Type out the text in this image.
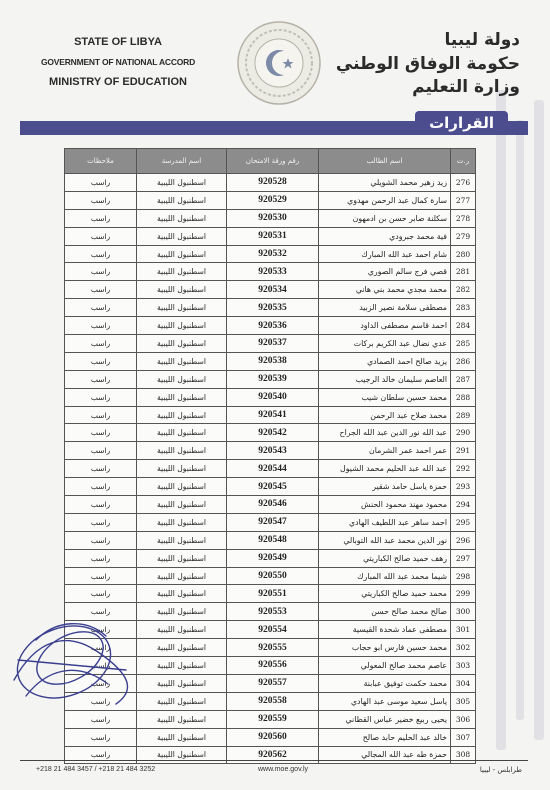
STATE OF LIBYA
GOVERNMENT OF NATIONAL ACCORD
MINISTRY OF EDUCATION
دولة ليبيا
حكومة الوفاق الوطني
وزارة التعليم
القرارات
ر.ت	اسم الطالب	رقم ورقة الامتحان	اسم المدرسة	ملاحظات
276	زيد زهير محمد الشويلي	920528	اسطنبول الليبية	راسب
277	سارة كمال عبد الرحمن مهدوي	920529	اسطنبول الليبية	راسب
278	سكلنة صابر حسن بن ادمهون	920530	اسطنبول الليبية	راسب
279	فية محمد جبرودي	920531	اسطنبول الليبية	راسب
280	شام احمد عبد الله المبارك	920532	اسطنبول الليبية	راسب
281	قصي فرج سالم الصوري	920533	اسطنبول الليبية	راسب
282	محمد مجدي محمد بني هاني	920534	اسطنبول الليبية	راسب
283	مصطفى سلامة نصير الزبيد	920535	اسطنبول الليبية	راسب
284	احمد قاسم مصطفى الداود	920536	اسطنبول الليبية	راسب
285	عدي نضال عبد الكريم بركات	920537	اسطنبول الليبية	راسب
286	يزيد صالح احمد الصمادي	920538	اسطنبول الليبية	راسب
287	العاصم سليمان خالد الرجيب	920539	اسطنبول الليبية	راسب
288	محمد حسين سلطان شيب	920540	اسطنبول الليبية	راسب
289	محمد صلاح عبد الرحمن	920541	اسطنبول الليبية	راسب
290	عبد الله نور الدين عبد الله الجراح	920542	اسطنبول الليبية	راسب
291	عمر احمد عمر الشرمان	920543	اسطنبول الليبية	راسب
292	عبد الله عبد الحليم محمد الشيول	920544	اسطنبول الليبية	راسب
293	حمزة ياسل حامد شقير	920545	اسطنبول الليبية	راسب
294	محمود مهند محمود الحنش	920546	اسطنبول الليبية	راسب
295	احمد ساهر عبد اللطيف الهادي	920547	اسطنبول الليبية	راسب
296	نور الدين محمد عبد الله التوبالي	920548	اسطنبول الليبية	راسب
297	رهف حميد صالح الكباريتي	920549	اسطنبول الليبية	راسب
298	شيما محمد عبد الله المبارك	920550	اسطنبول الليبية	راسب
299	محمد حميد صالح الكباريتي	920551	اسطنبول الليبية	راسب
300	صالح محمد صالح حسن	920553	اسطنبول الليبية	راسب
301	مصطفى عماد شحدة القيسية	920554	اسطنبول الليبية	راسب
302	محمد حسين فارس ابو حجاب	920555	اسطنبول الليبية	راسب
303	عاصم محمد صالح المعولي	920556	اسطنبول الليبية	راسب
304	محمد حكمت توفيق عبابنة	920557	اسطنبول الليبية	راسب
305	ياسل سعيد موسى عبد الهادي	920558	اسطنبول الليبية	راسب
306	يحيى ربيع خضير عباس القطاني	920559	اسطنبول الليبية	راسب
307	خالد عبد الحليم حابد صالح	920560	اسطنبول الليبية	راسب
308	حمزة طه عبد الله المجالي	920562	اسطنبول الليبية	راسب
+218 21 484 3457 / +218 21 484 3252	www.moe.gov.ly	طرابلس - ليبيا
